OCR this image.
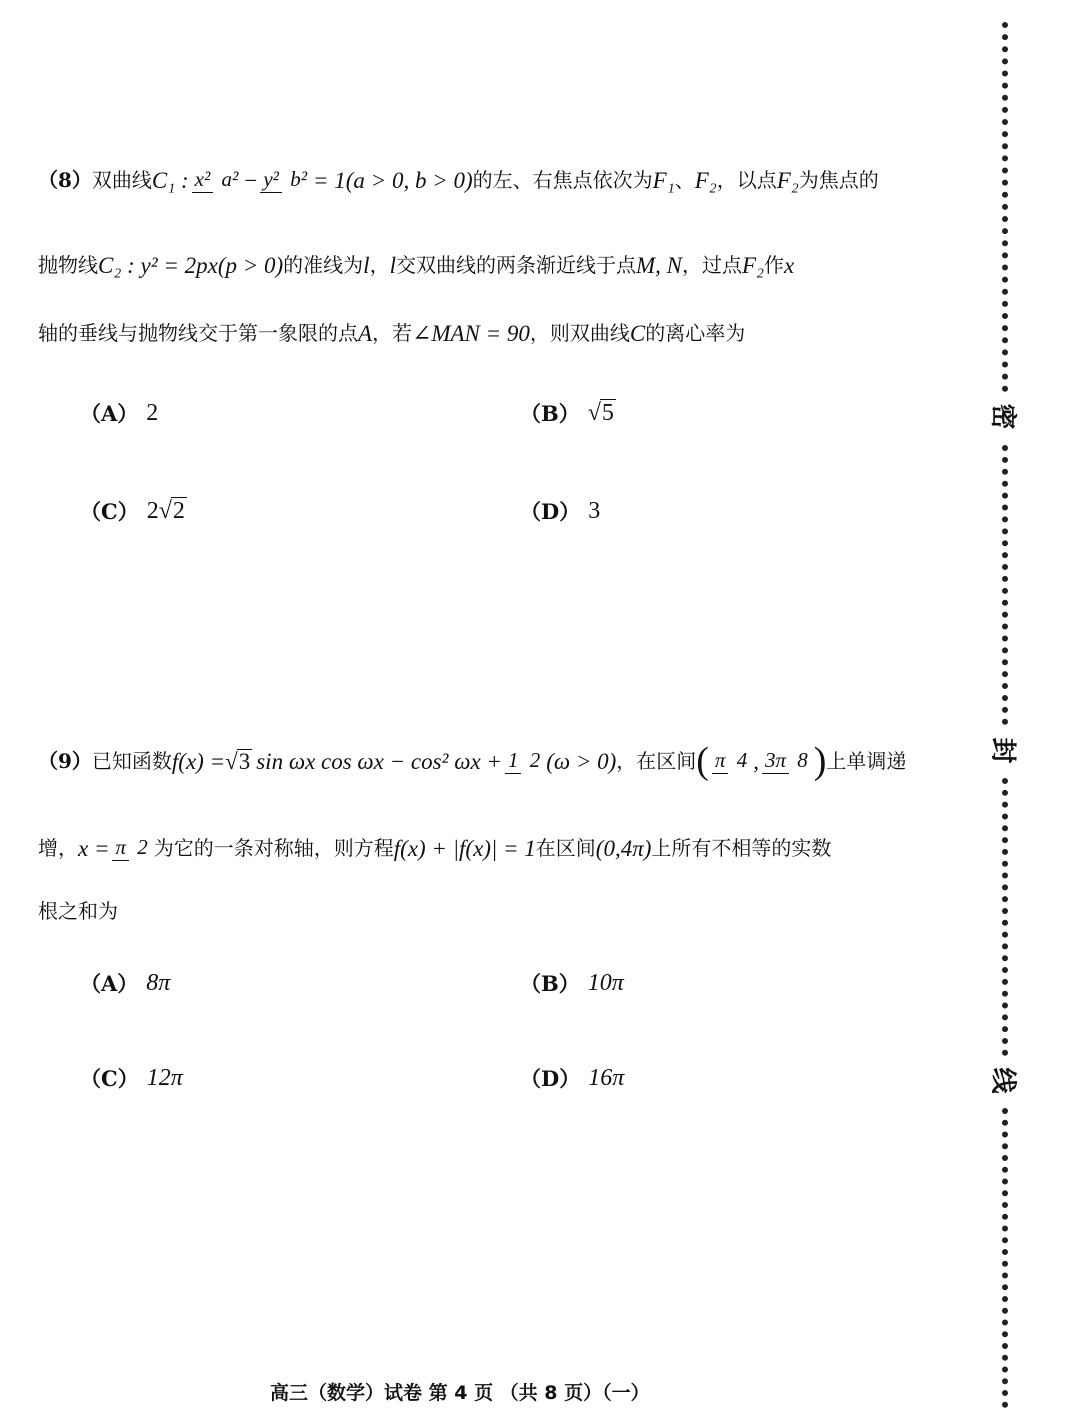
（8） 双曲线 C₁ : x² a² − y² b² = 1(a > 0, b > 0) 的左、右焦点依次为 F₁ 、 F₂ ，以点 F₂ 为焦点的
抛物线 C₂ : y² = 2px(p > 0) 的准线为 l ， l 交双曲线的两条渐近线于点 M, N ，过点 F₂ 作 x
轴的垂线与抛物线交于第一象限的点 A ，若 ∠MAN = 90 ，则双曲线 C 的离心率为
（A） 2	（B） √ 5
（C） 2 √ 2	（D） 3
（9） 已知函数 f(x) = √3 sin ωx cos ωx − cos² ωx + 1 2 (ω > 0) ，在区间 ( π 4 , 3π 8 ) 上单调递
增， x = π 2 为它的一条对称轴，则方程 f(x) + |f(x)| = 1 在区间 (0,4π) 上所有不相等的实数
根之和为
（A） 8π	（B） 10π
（C） 12π	（D） 16π
密
封
线
高三（数学）试卷 第 4 页 （共 8 页）（一）
